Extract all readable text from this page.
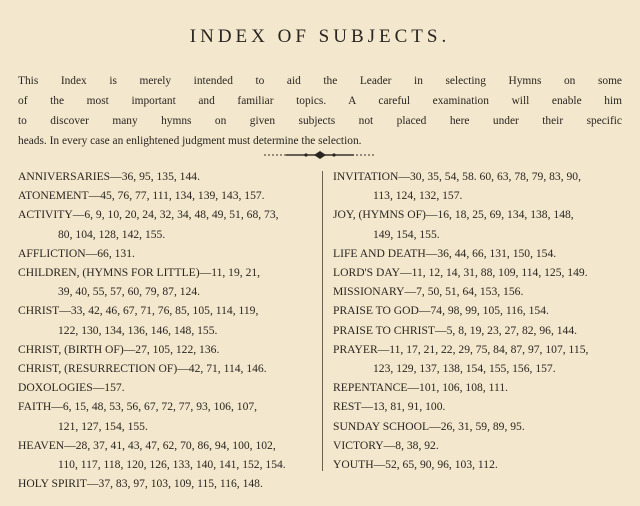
INDEX OF SUBJECTS.

This Index is merely intended to aid the Leader in selecting Hymns on some
of the most important and familiar topics. A careful examination will enable him
to discover many hymns on given subjects not placed here under their specific
heads. In every case an enlightened judgment must determine the selection.

ANNIVERSARIES—36, 95, 135, 144.
ATONEMENT—45, 76, 77, 111, 134, 139, 143, 157.
ACTIVITY—6, 9, 10, 20, 24, 32, 34, 48, 49, 51, 68, 73,
80, 104, 128, 142, 155.
AFFLICTION—66, 131.
CHILDREN, (HYMNS FOR LITTLE)—11, 19, 21,
39, 40, 55, 57, 60, 79, 87, 124.
CHRIST—33, 42, 46, 67, 71, 76, 85, 105, 114, 119,
122, 130, 134, 136, 146, 148, 155.
CHRIST, (BIRTH OF)—27, 105, 122, 136.
CHRIST, (RESURRECTION OF)—42, 71, 114, 146.
DOXOLOGIES—157.
FAITH—6, 15, 48, 53, 56, 67, 72, 77, 93, 106, 107,
121, 127, 154, 155.
HEAVEN—28, 37, 41, 43, 47, 62, 70, 86, 94, 100, 102,
110, 117, 118, 120, 126, 133, 140, 141, 152, 154.
HOLY SPIRIT—37, 83, 97, 103, 109, 115, 116, 148.
INVITATION—30, 35, 54, 58. 60, 63, 78, 79, 83, 90,
113, 124, 132, 157.
JOY, (HYMNS OF)—16, 18, 25, 69, 134, 138, 148,
149, 154, 155.
LIFE AND DEATH—36, 44, 66, 131, 150, 154.
LORD'S DAY—11, 12, 14, 31, 88, 109, 114, 125, 149.
MISSIONARY—7, 50, 51, 64, 153, 156.
PRAISE TO GOD—74, 98, 99, 105, 116, 154.
PRAISE TO CHRIST—5, 8, 19, 23, 27, 82, 96, 144.
PRAYER—11, 17, 21, 22, 29, 75, 84, 87, 97, 107, 115,
123, 129, 137, 138, 154, 155, 156, 157.
REPENTANCE—101, 106, 108, 111.
REST—13, 81, 91, 100.
SUNDAY SCHOOL—26, 31, 59, 89, 95.
VICTORY—8, 38, 92.
YOUTH—52, 65, 90, 96, 103, 112.
